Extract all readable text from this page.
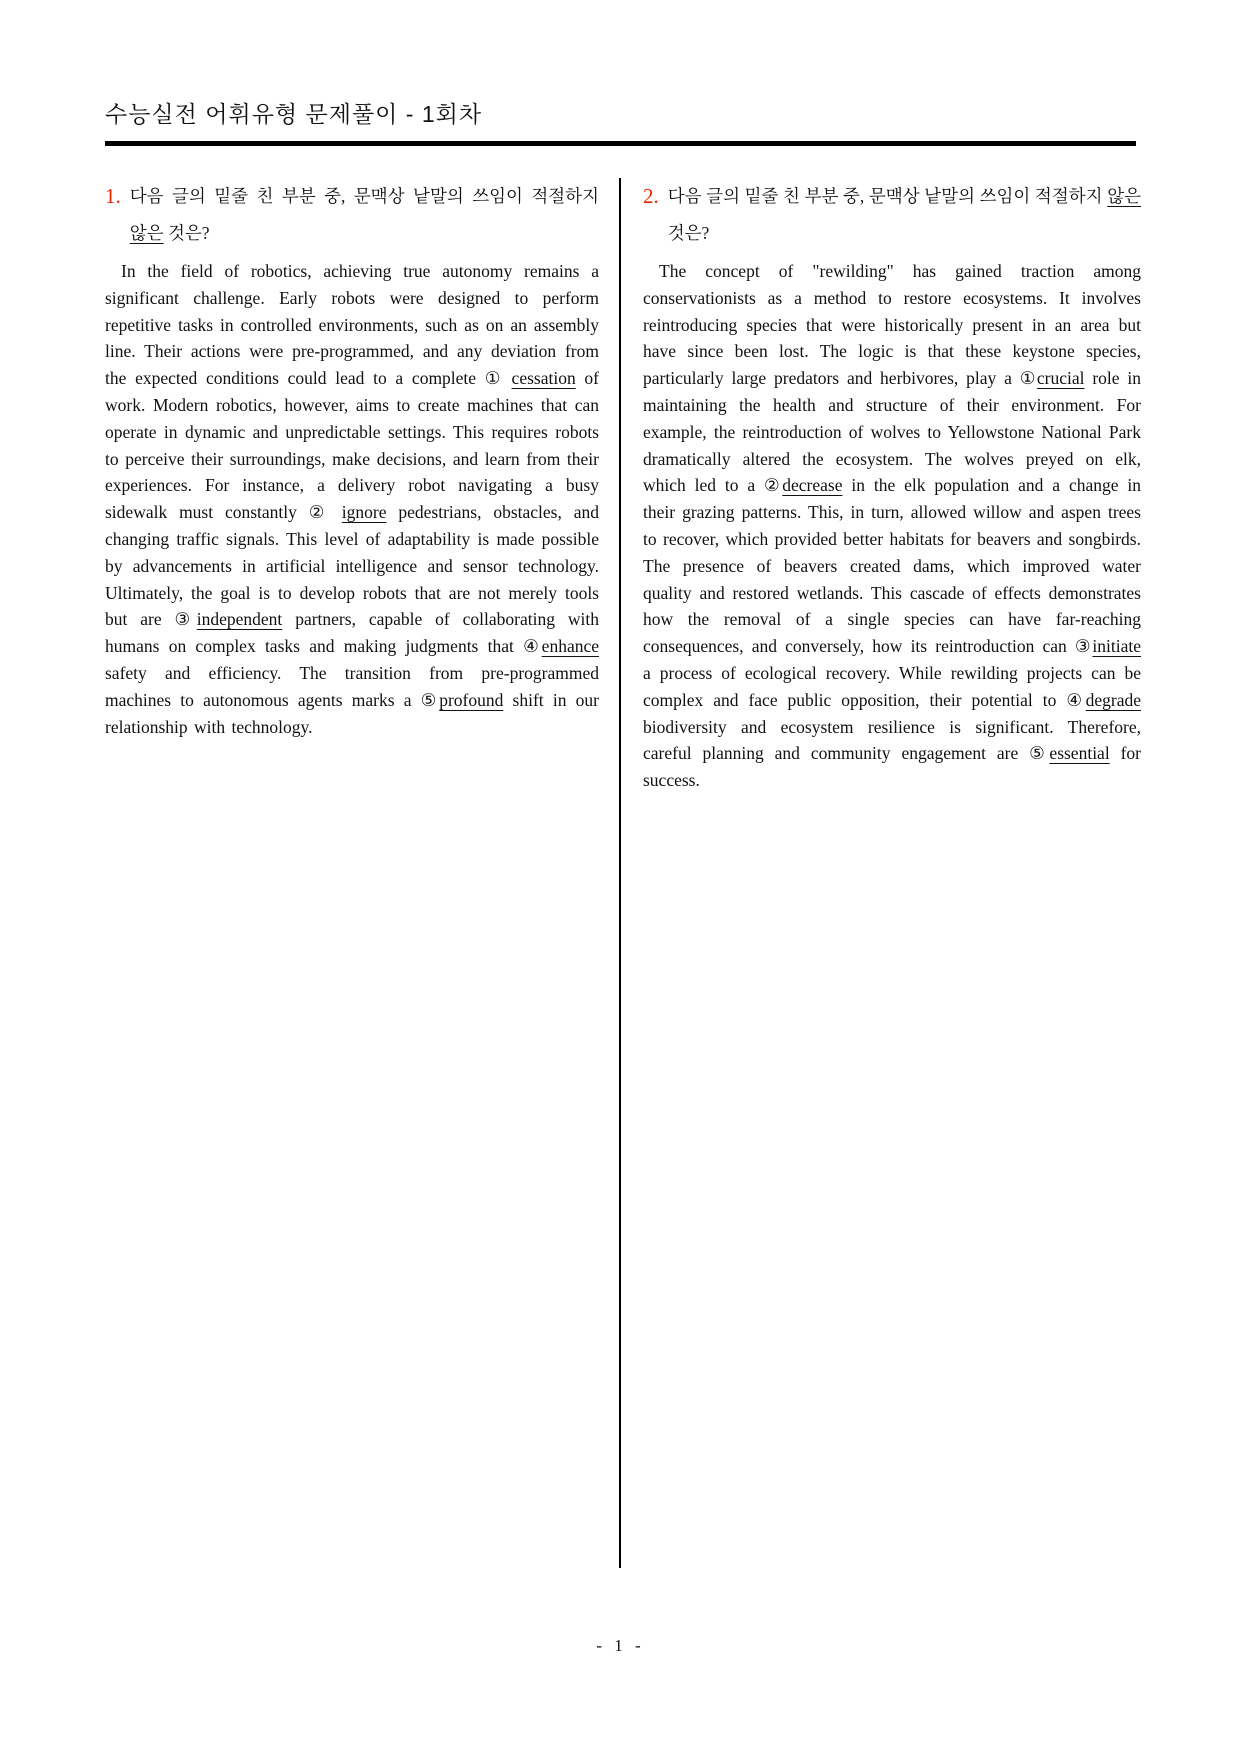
수능실전 어휘유형 문제풀이 - 1회차
1. 다음 글의 밑줄 친 부분 중, 문맥상 낱말의 쓰임이 적절하지 않은 것은?

In the field of robotics, achieving true autonomy remains a significant challenge. Early robots were designed to perform repetitive tasks in controlled environments, such as on an assembly line. Their actions were pre-programmed, and any deviation from the expected conditions could lead to a complete ① cessation of work. Modern robotics, however, aims to create machines that can operate in dynamic and unpredictable settings. This requires robots to perceive their surroundings, make decisions, and learn from their experiences. For instance, a delivery robot navigating a busy sidewalk must constantly ② ignore pedestrians, obstacles, and changing traffic signals. This level of adaptability is made possible by advancements in artificial intelligence and sensor technology. Ultimately, the goal is to develop robots that are not merely tools but are ③independent partners, capable of collaborating with humans on complex tasks and making judgments that ④enhance safety and efficiency. The transition from pre-programmed machines to autonomous agents marks a ⑤profound shift in our relationship with technology.

2. 다음 글의 밑줄 친 부분 중, 문맥상 낱말의 쓰임이 적절하지 않은 것은?

The concept of "rewilding" has gained traction among conservationists as a method to restore ecosystems. It involves reintroducing species that were historically present in an area but have since been lost. The logic is that these keystone species, particularly large predators and herbivores, play a ①crucial role in maintaining the health and structure of their environment. For example, the reintroduction of wolves to Yellowstone National Park dramatically altered the ecosystem. The wolves preyed on elk, which led to a ②decrease in the elk population and a change in their grazing patterns. This, in turn, allowed willow and aspen trees to recover, which provided better habitats for beavers and songbirds. The presence of beavers created dams, which improved water quality and restored wetlands. This cascade of effects demonstrates how the removal of a single species can have far-reaching consequences, and conversely, how its reintroduction can ③initiate a process of ecological recovery. While rewilding projects can be complex and face public opposition, their potential to ④degrade biodiversity and ecosystem resilience is significant. Therefore, careful planning and community engagement are ⑤essential for success.

- 1 -
